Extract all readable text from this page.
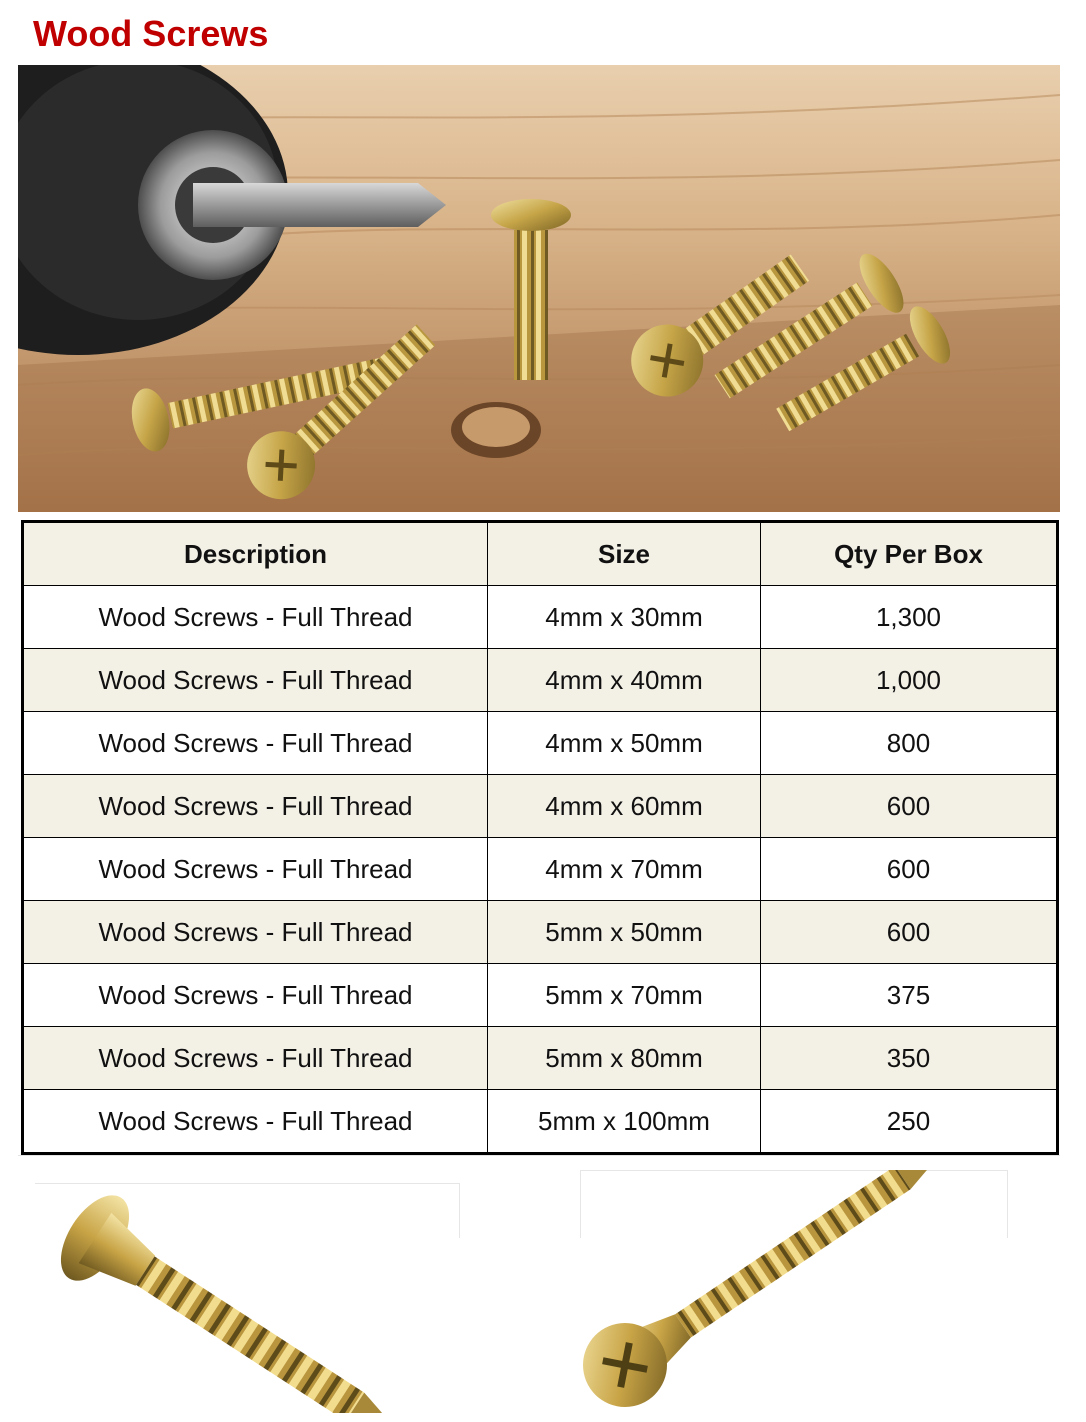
Wood Screws
Description	Size	Qty Per Box
Wood Screws - Full Thread	4mm x 30mm	1,300
Wood Screws - Full Thread	4mm x 40mm	1,000
Wood Screws - Full Thread	4mm x 50mm	800
Wood Screws - Full Thread	4mm x 60mm	600
Wood Screws - Full Thread	4mm x 70mm	600
Wood Screws - Full Thread	5mm x 50mm	600
Wood Screws - Full Thread	5mm x 70mm	375
Wood Screws - Full Thread	5mm x 80mm	350
Wood Screws - Full Thread	5mm x 100mm	250
